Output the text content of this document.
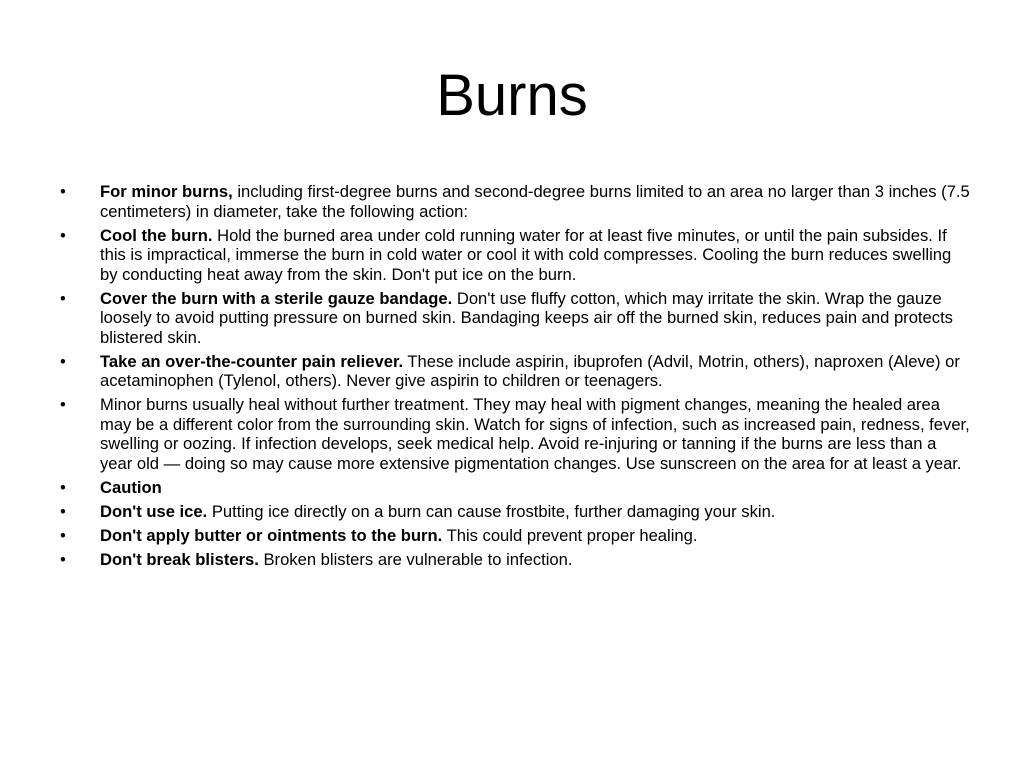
Burns
• For minor burns, including first-degree burns and second-degree burns limited to an area no larger than 3 inches (7.5 centimeters) in diameter, take the following action:
• Cool the burn. Hold the burned area under cold running water for at least five minutes, or until the pain subsides. If this is impractical, immerse the burn in cold water or cool it with cold compresses. Cooling the burn reduces swelling by conducting heat away from the skin. Don't put ice on the burn.
• Cover the burn with a sterile gauze bandage. Don't use fluffy cotton, which may irritate the skin. Wrap the gauze loosely to avoid putting pressure on burned skin. Bandaging keeps air off the burned skin, reduces pain and protects blistered skin.
• Take an over-the-counter pain reliever. These include aspirin, ibuprofen (Advil, Motrin, others), naproxen (Aleve) or acetaminophen (Tylenol, others). Never give aspirin to children or teenagers.
• Minor burns usually heal without further treatment. They may heal with pigment changes, meaning the healed area may be a different color from the surrounding skin. Watch for signs of infection, such as increased pain, redness, fever, swelling or oozing. If infection develops, seek medical help. Avoid re-injuring or tanning if the burns are less than a year old — doing so may cause more extensive pigmentation changes. Use sunscreen on the area for at least a year.
• Caution
• Don't use ice. Putting ice directly on a burn can cause frostbite, further damaging your skin.
• Don't apply butter or ointments to the burn. This could prevent proper healing.
• Don't break blisters. Broken blisters are vulnerable to infection.
